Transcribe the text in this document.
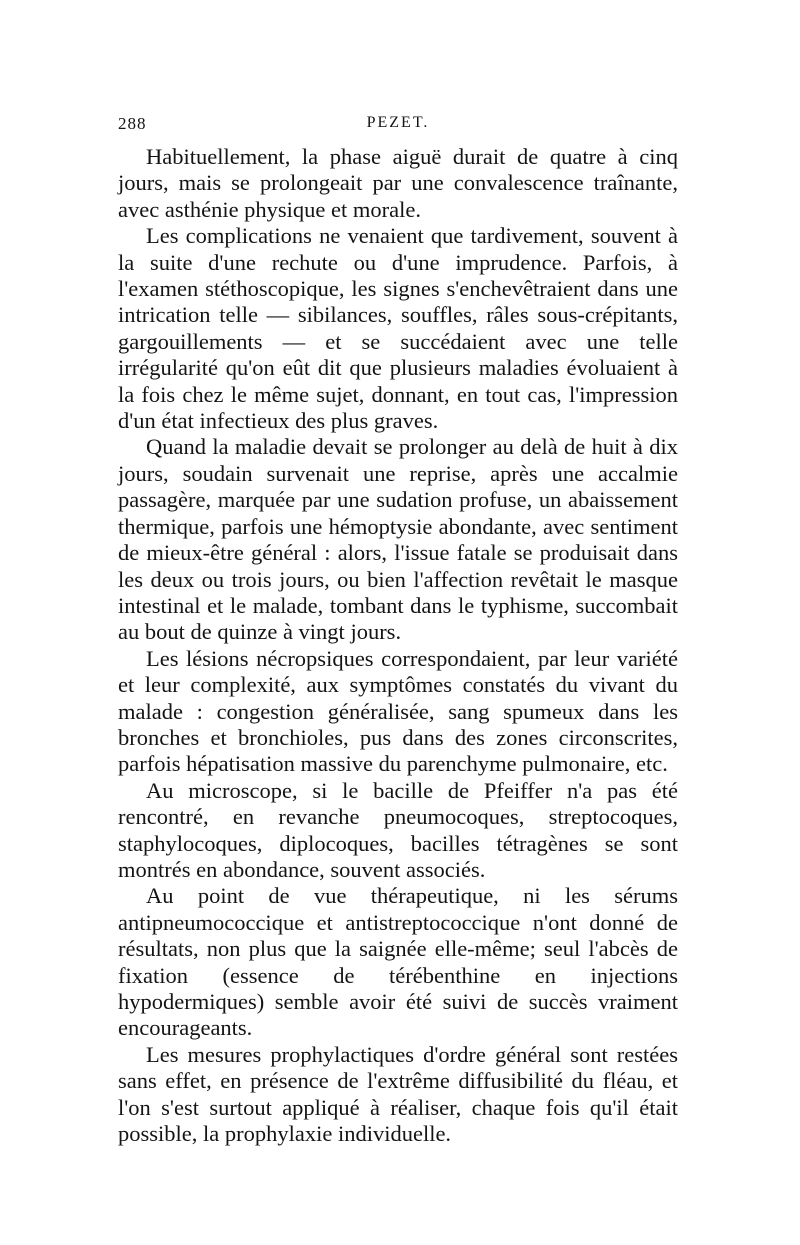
288	PEZET.

Habituellement, la phase aiguë durait de quatre à cinq jours, mais se prolongeait par une convalescence traînante, avec asthénie physique et morale.

Les complications ne venaient que tardivement, souvent à la suite d'une rechute ou d'une imprudence. Parfois, à l'examen stéthoscopique, les signes s'enchevêtraient dans une intrication telle — sibilances, souffles, râles sous-crépitants, gargouillements — et se succédaient avec une telle irrégularité qu'on eût dit que plusieurs maladies évoluaient à la fois chez le même sujet, donnant, en tout cas, l'impression d'un état infectieux des plus graves.

Quand la maladie devait se prolonger au delà de huit à dix jours, soudain survenait une reprise, après une accalmie passagère, marquée par une sudation profuse, un abaissement thermique, parfois une hémoptysie abondante, avec sentiment de mieux-être général : alors, l'issue fatale se produisait dans les deux ou trois jours, ou bien l'affection revêtait le masque intestinal et le malade, tombant dans le typhisme, succombait au bout de quinze à vingt jours.

Les lésions nécropsiques correspondaient, par leur variété et leur complexité, aux symptômes constatés du vivant du malade : congestion généralisée, sang spumeux dans les bronches et bronchioles, pus dans des zones circonscrites, parfois hépatisation massive du parenchyme pulmonaire, etc.

Au microscope, si le bacille de Pfeiffer n'a pas été rencontré, en revanche pneumocoques, streptocoques, staphylocoques, diplocoques, bacilles tétragènes se sont montrés en abondance, souvent associés.

Au point de vue thérapeutique, ni les sérums antipneumococcique et antistreptococcique n'ont donné de résultats, non plus que la saignée elle-même; seul l'abcès de fixation (essence de térébenthine en injections hypodermiques) semble avoir été suivi de succès vraiment encourageants.

Les mesures prophylactiques d'ordre général sont restées sans effet, en présence de l'extrême diffusibilité du fléau, et l'on s'est surtout appliqué à réaliser, chaque fois qu'il était possible, la prophylaxie individuelle.
